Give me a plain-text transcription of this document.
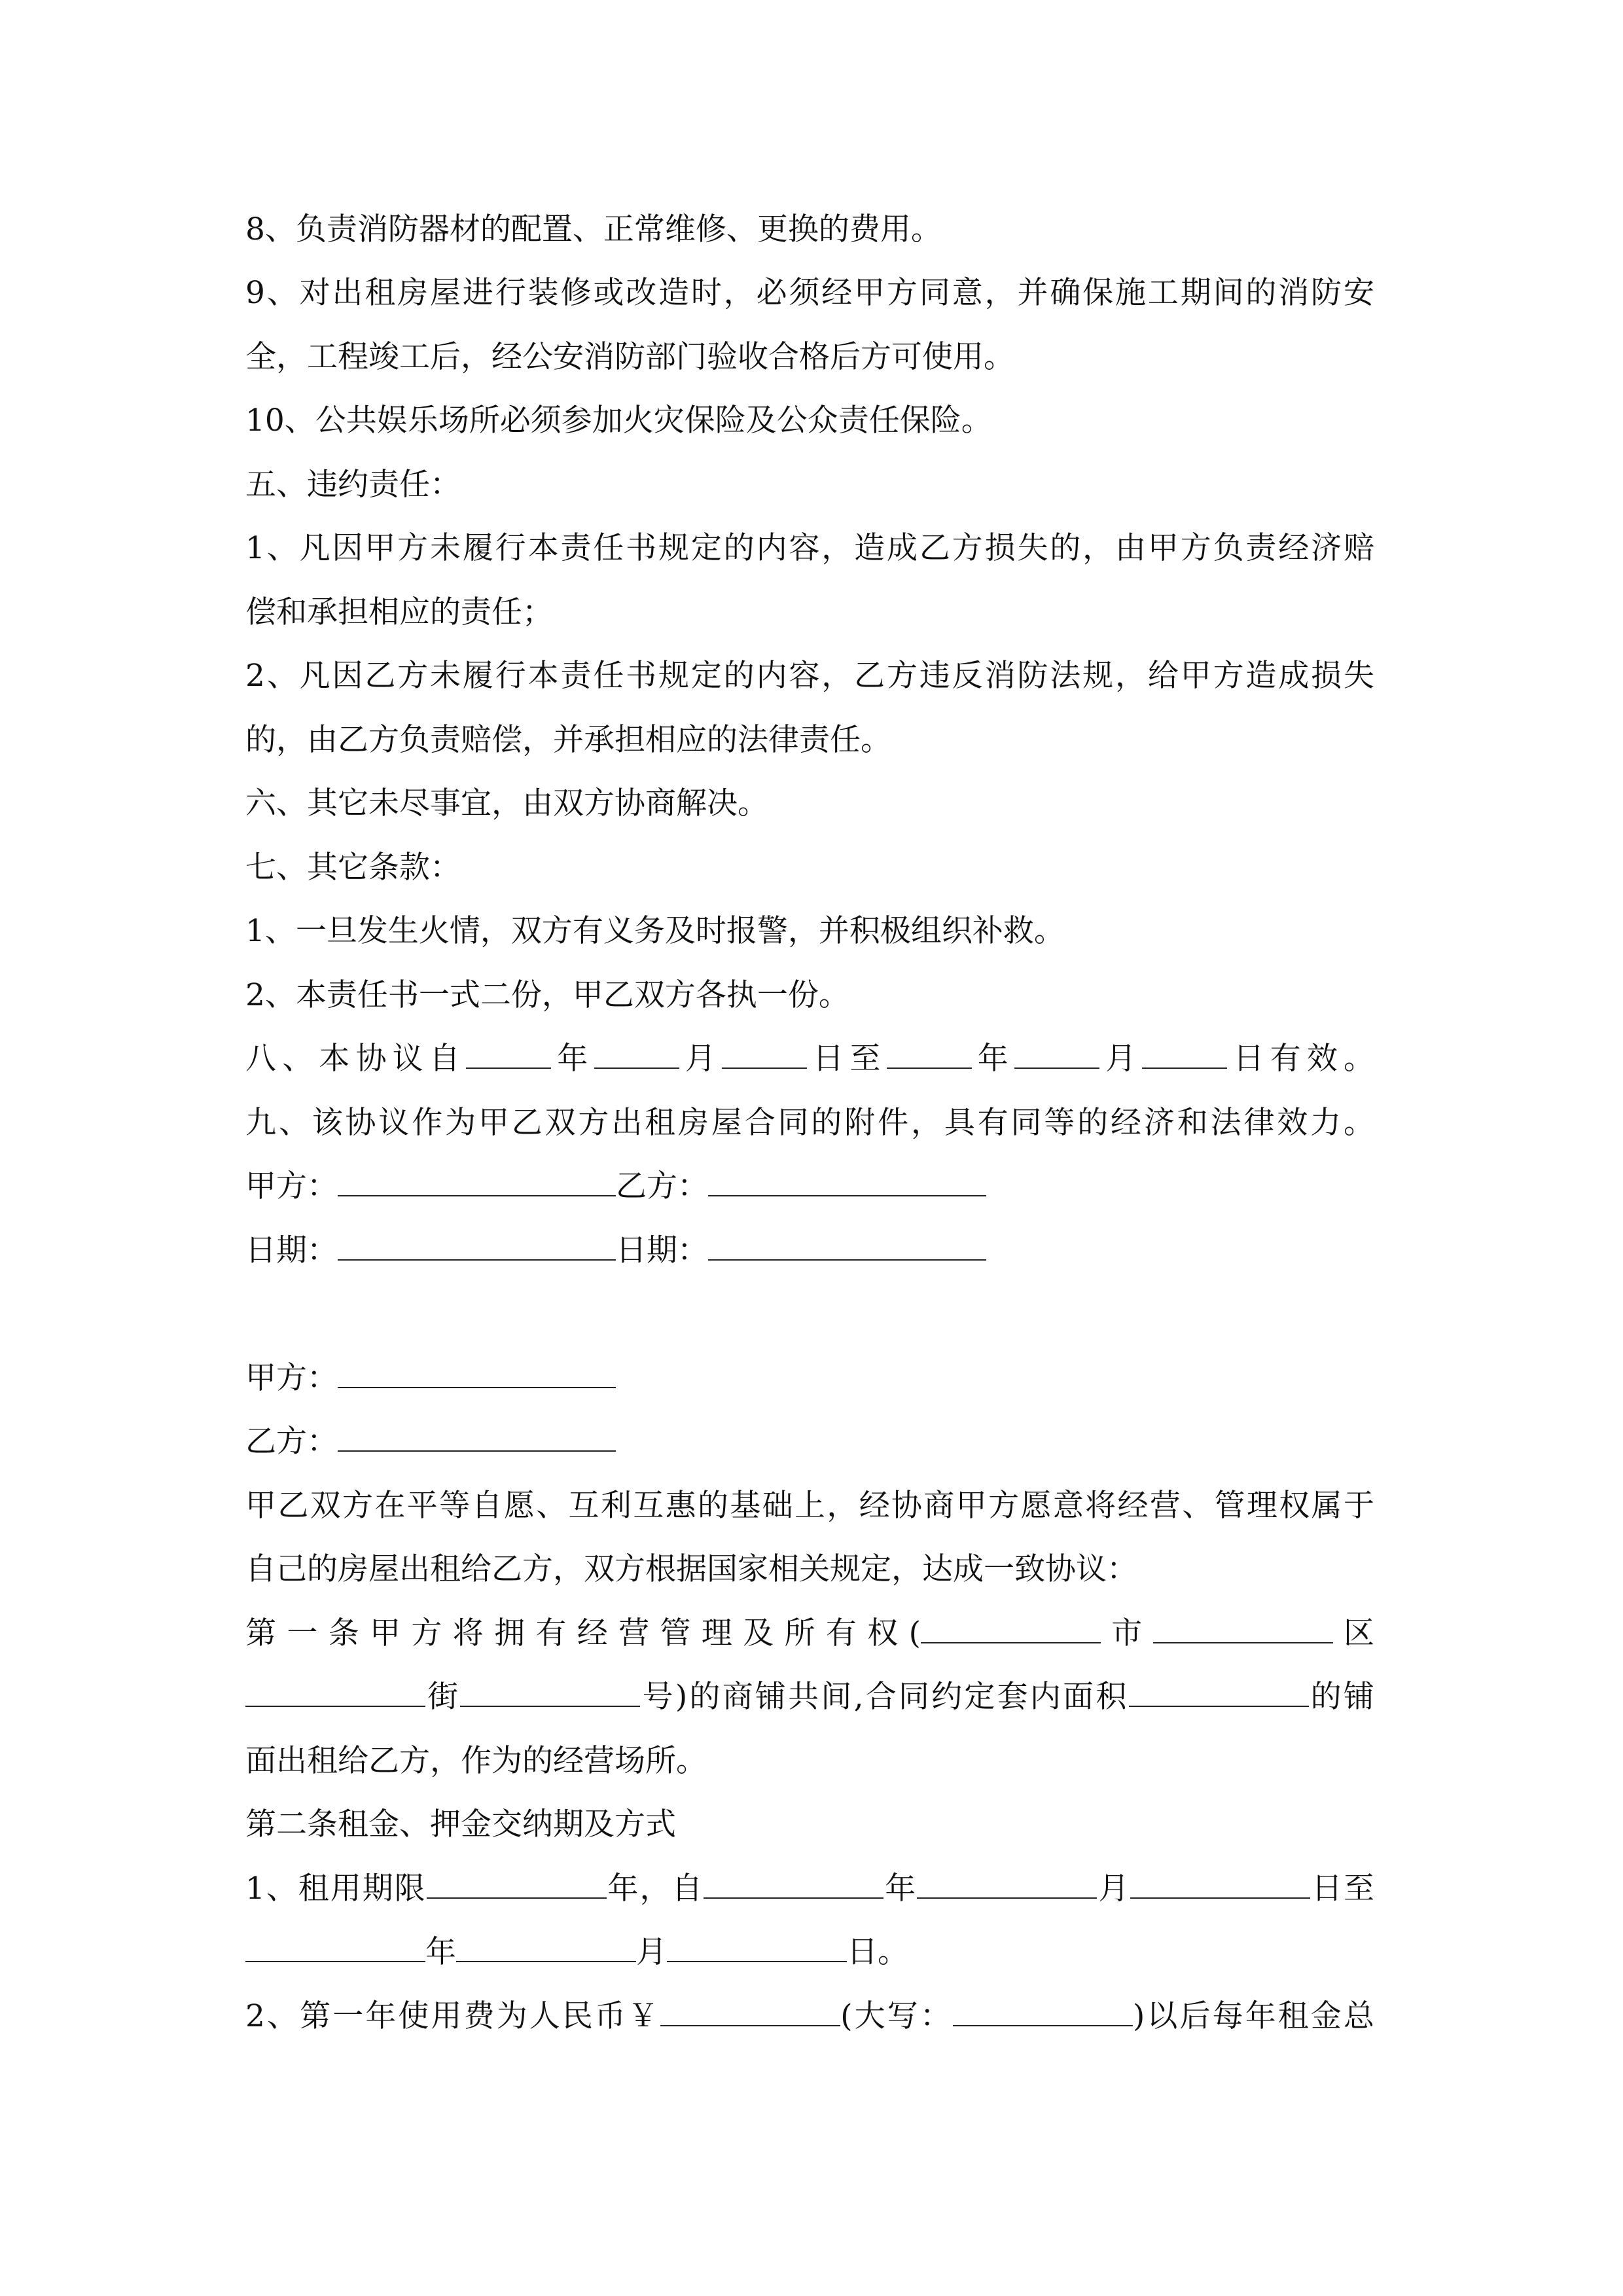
8、负责消防器材的配置、正常维修、更换的费用。
9、对出租房屋进行装修或改造时，必须经甲方同意，并确保施工期间的消防安
全，工程竣工后，经公安消防部门验收合格后方可使用。
10、公共娱乐场所必须参加火灾保险及公众责任保险。
五、违约责任：
1、凡因甲方未履行本责任书规定的内容，造成乙方损失的，由甲方负责经济赔
偿和承担相应的责任；
2、凡因乙方未履行本责任书规定的内容，乙方违反消防法规，给甲方造成损失
的，由乙方负责赔偿，并承担相应的法律责任。
六、其它未尽事宜，由双方协商解决。
七、其它条款：
1、一旦发生火情，双方有义务及时报警，并积极组织补救。
2、本责任书一式二份，甲乙双方各执一份。
八、本协议自	年	月	日至	年	月	日有效。
九、该协议作为甲乙双方出租房屋合同的附件，具有同等的经济和法律效力。
甲方：	乙方：
日期：	日期：
甲方：
乙方：
甲乙双方在平等自愿、互利互惠的基础上，经协商甲方愿意将经营、管理权属于
自己的房屋出租给乙方，双方根据国家相关规定，达成一致协议：
第一条甲方将拥有经营管理及所有权(	市	区
街	号)的商铺共间,合同约定套内面积	的铺
面出租给乙方，作为的经营场所。
第二条租金、押金交纳期及方式
1、租用期限	年，自	年	月	日至
年	月	日。
2、第一年使用费为人民币￥	(大写：	)以后每年租金总
